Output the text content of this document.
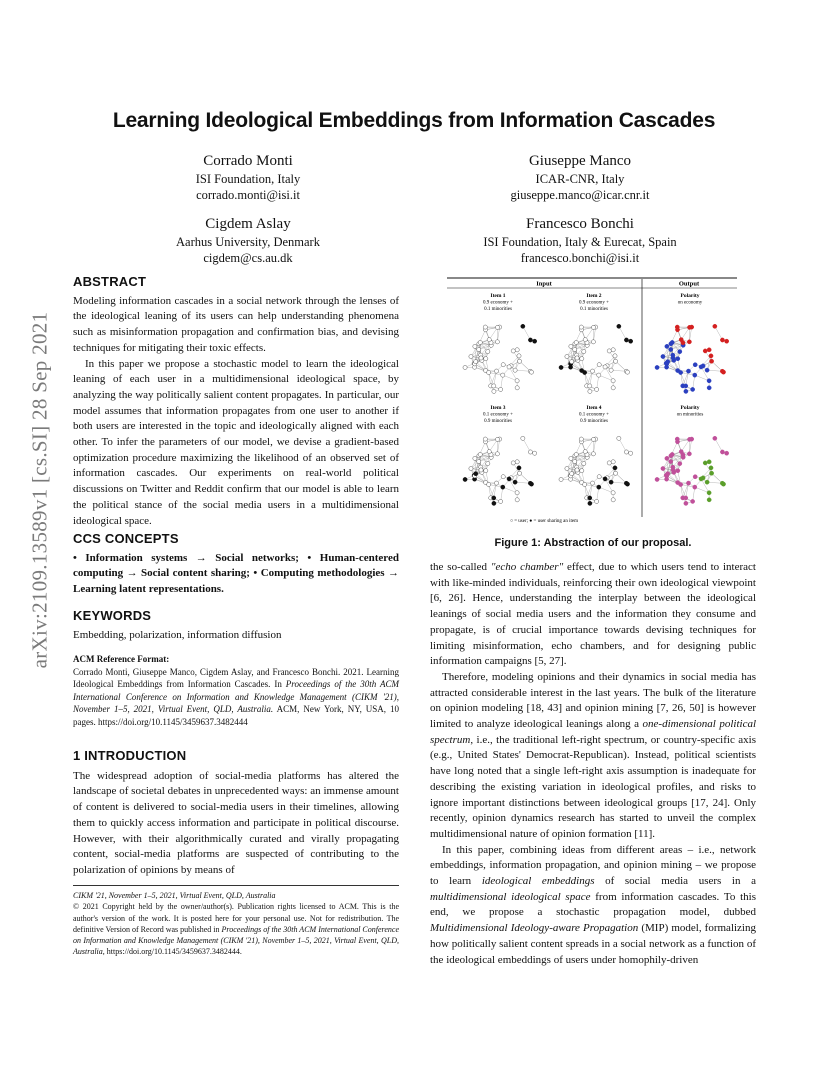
arXiv:2109.13589v1 [cs.SI] 28 Sep 2021
Learning Ideological Embeddings from Information Cascades
Corrado Monti
ISI Foundation, Italy
corrado.monti@isi.it
Giuseppe Manco
ICAR-CNR, Italy
giuseppe.manco@icar.cnr.it
Cigdem Aslay
Aarhus University, Denmark
cigdem@cs.au.dk
Francesco Bonchi
ISI Foundation, Italy & Eurecat, Spain
francesco.bonchi@isi.it
ABSTRACT

Modeling information cascades in a social network through the lenses of the ideological leaning of its users can help understanding phenomena such as misinformation propagation and confirmation bias, and devising techniques for mitigating their toxic effects.

In this paper we propose a stochastic model to learn the ideological leaning of each user in a multidimensional ideological space, by analyzing the way politically salient content propagates. In particular, our model assumes that information propagates from one user to another if both users are interested in the topic and ideologically aligned with each other. To infer the parameters of our model, we devise a gradient-based optimization procedure maximizing the likelihood of an observed set of information cascades. Our experiments on real-world political discussions on Twitter and Reddit confirm that our model is able to learn the political stance of the social media users in a multidimensional ideological space.

CCS CONCEPTS

• Information systems → Social networks; • Human-centered computing → Social content sharing; • Computing methodologies → Learning latent representations.

KEYWORDS

Embedding, polarization, information diffusion

ACM Reference Format:

Corrado Monti, Giuseppe Manco, Cigdem Aslay, and Francesco Bonchi. 2021. Learning Ideological Embeddings from Information Cascades. In Proceedings of the 30th ACM International Conference on Information and Knowledge Management (CIKM '21), November 1–5, 2021, Virtual Event, QLD, Australia. ACM, New York, NY, USA, 10 pages. https://doi.org/10.1145/3459637.3482444

1 INTRODUCTION

The widespread adoption of social-media platforms has altered the landscape of societal debates in unprecedented ways: an immense amount of content is delivered to social-media users in their timelines, allowing them to quickly access information and participate in political discourse. However, with their algorithmically curated and virally propagating content, social-media platforms are suspected of contributing to the polarization of opinions by means of

CIKM '21, November 1–5, 2021, Virtual Event, QLD, Australia

© 2021 Copyright held by the owner/author(s). Publication rights licensed to ACM. This is the author's version of the work. It is posted here for your personal use. Not for redistribution. The definitive Version of Record was published in Proceedings of the 30th ACM International Conference on Information and Knowledge Management (CIKM '21), November 1–5, 2021, Virtual Event, QLD, Australia, https://doi.org/10.1145/3459637.3482444.

Input	Output
○ = user; ● = user sharing an item
Item 1
0.9 economy +
0.1 minorities
Item 2
0.9 economy +
0.1 minorities
Polarity
on economy
Item 3
0.1 economy +
0.9 minorities
Item 4
0.1 economy +
0.9 minorities
Polarity
on minorities
Figure 1: Abstraction of our proposal.

the so-called "echo chamber" effect, due to which users tend to interact with like-minded individuals, reinforcing their own ideological viewpoint [6, 26]. Hence, understanding the interplay between the ideological leanings of social media users and the information they consume and propagate, is of crucial importance towards devising techniques for limiting misinformation, echo chambers, and for designing public information campaigns [5, 27].

Therefore, modeling opinions and their dynamics in social media has attracted considerable interest in the last years. The bulk of the literature on opinion modeling [18, 43] and opinion mining [7, 26, 50] is however limited to analyze ideological leanings along a one-dimensional political spectrum, i.e., the traditional left-right spectrum, or country-specific axis (e.g., United States' Democrat-Republican). Instead, political scientists have long noted that a single left-right axis assumption is inadequate for describing the existing variation in ideological profiles, and risks to ignore important distinctions between ideological groups [17, 24]. Only recently, opinion dynamics research has started to unveil the complex multidimensional nature of opinion formation [11].

In this paper, combining ideas from different areas – i.e., network embeddings, information propagation, and opinion mining – we propose to learn ideological embeddings of social media users in a multidimensional ideological space from information cascades. To this end, we propose a stochastic propagation model, dubbed Multidimensional Ideology-aware Propagation (MIP) model, formalizing how politically salient content spreads in a social network as a function of the ideological embeddings of users under homophily-driven
